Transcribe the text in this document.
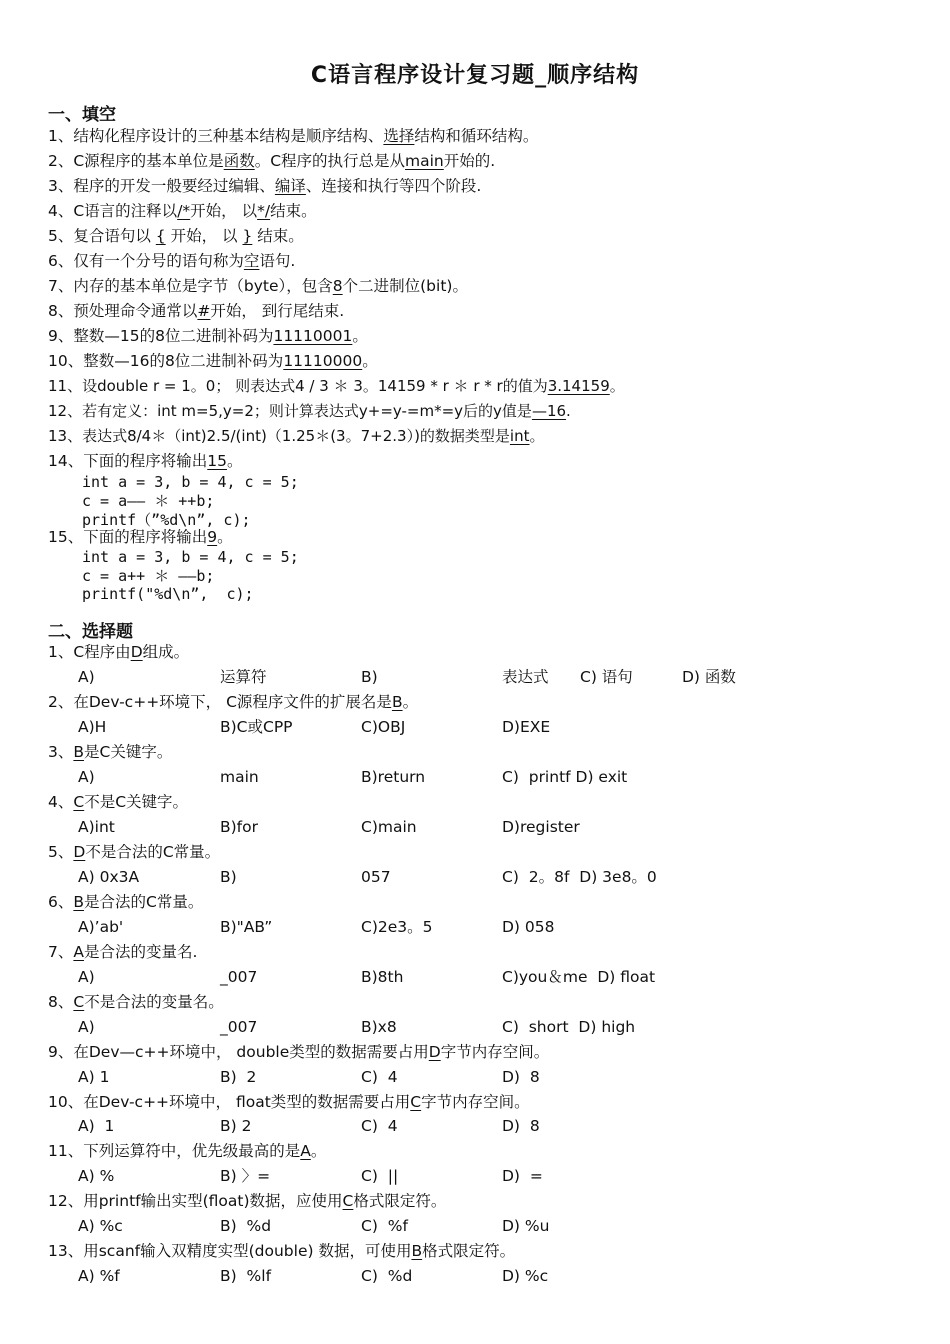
C语言程序设计复习题_顺序结构
一、填空
1、结构化程序设计的三种基本结构是顺序结构、选择结构和循环结构。
2、C源程序的基本单位是函数。C程序的执行总是从main开始的.
3、程序的开发一般要经过编辑、编译、连接和执行等四个阶段.
4、C语言的注释以/*开始， 以*/结束。
5、复合语句以 { 开始， 以 } 结束。
6、仅有一个分号的语句称为空语句.
7、内存的基本单位是字节（byte），包含8个二进制位(bit)。
8、预处理命令通常以#开始， 到行尾结束.
9、整数—15的8位二进制补码为11110001。
10、整数—16的8位二进制补码为11110000。
11、设double r = 1。0； 则表达式4 / 3 ＊ 3。14159 * r ＊ r * r的值为3.14159。
12、若有定义：int m=5,y=2；则计算表达式y+=y-=m*=y后的y值是—16.
13、表达式8/4＊（int)2.5/(int)（1.25＊(3。7+2.3）)的数据类型是int。
14、下面的程序将输出15。
int a = 3, b = 4, c = 5;
c = a—— ＊ ++b;
printf（”%d\n”, c);
15、下面的程序将输出9。
int a = 3, b = 4, c = 5;
c = a++ ＊ ——b;
printf("%d\n”,  c);
二、选择题
1、C程序由D组成。
A)	运算符	B)	表达式 C) 语句	D) 函数
2、在Dev-c++环境下， C源程序文件的扩展名是B。
A)H	B)C或CPP	C)OBJ	D)EXE
3、B是C关键字。
A)	main	B)return	C)  printf D) exit
4、C不是C关键字。
A)int	B)for	C)main	D)register
5、D不是合法的C常量。
A) 0x3A	B)	057	C)  2。8f  D) 3e8。0
6、B是合法的C常量。
A)’ab'	B)"AB”	C)2e3。5	D) 058
7、A是合法的变量名.
A)	_007	B)8th	C)you＆me  D) float
8、C不是合法的变量名。
A)	_007	B)x8	C)  short  D) high
9、在Dev—c++环境中， double类型的数据需要占用D字节内存空间。
A) 1	B)  2	C)  4	D)  8
10、在Dev-c++环境中， float类型的数据需要占用C字节内存空间。
A)  1	B) 2	C)  4	D)  8
11、下列运算符中，优先级最高的是A。
A) %	B) 〉=	C)  ||	D)  =
12、用printf输出实型(float)数据，应使用C格式限定符。
A) %c	B)  %d	C)  %f	D) %u
13、用scanf输入双精度实型(double) 数据，可使用B格式限定符。
A) %f	B)  %lf	C)  %d	D) %c
